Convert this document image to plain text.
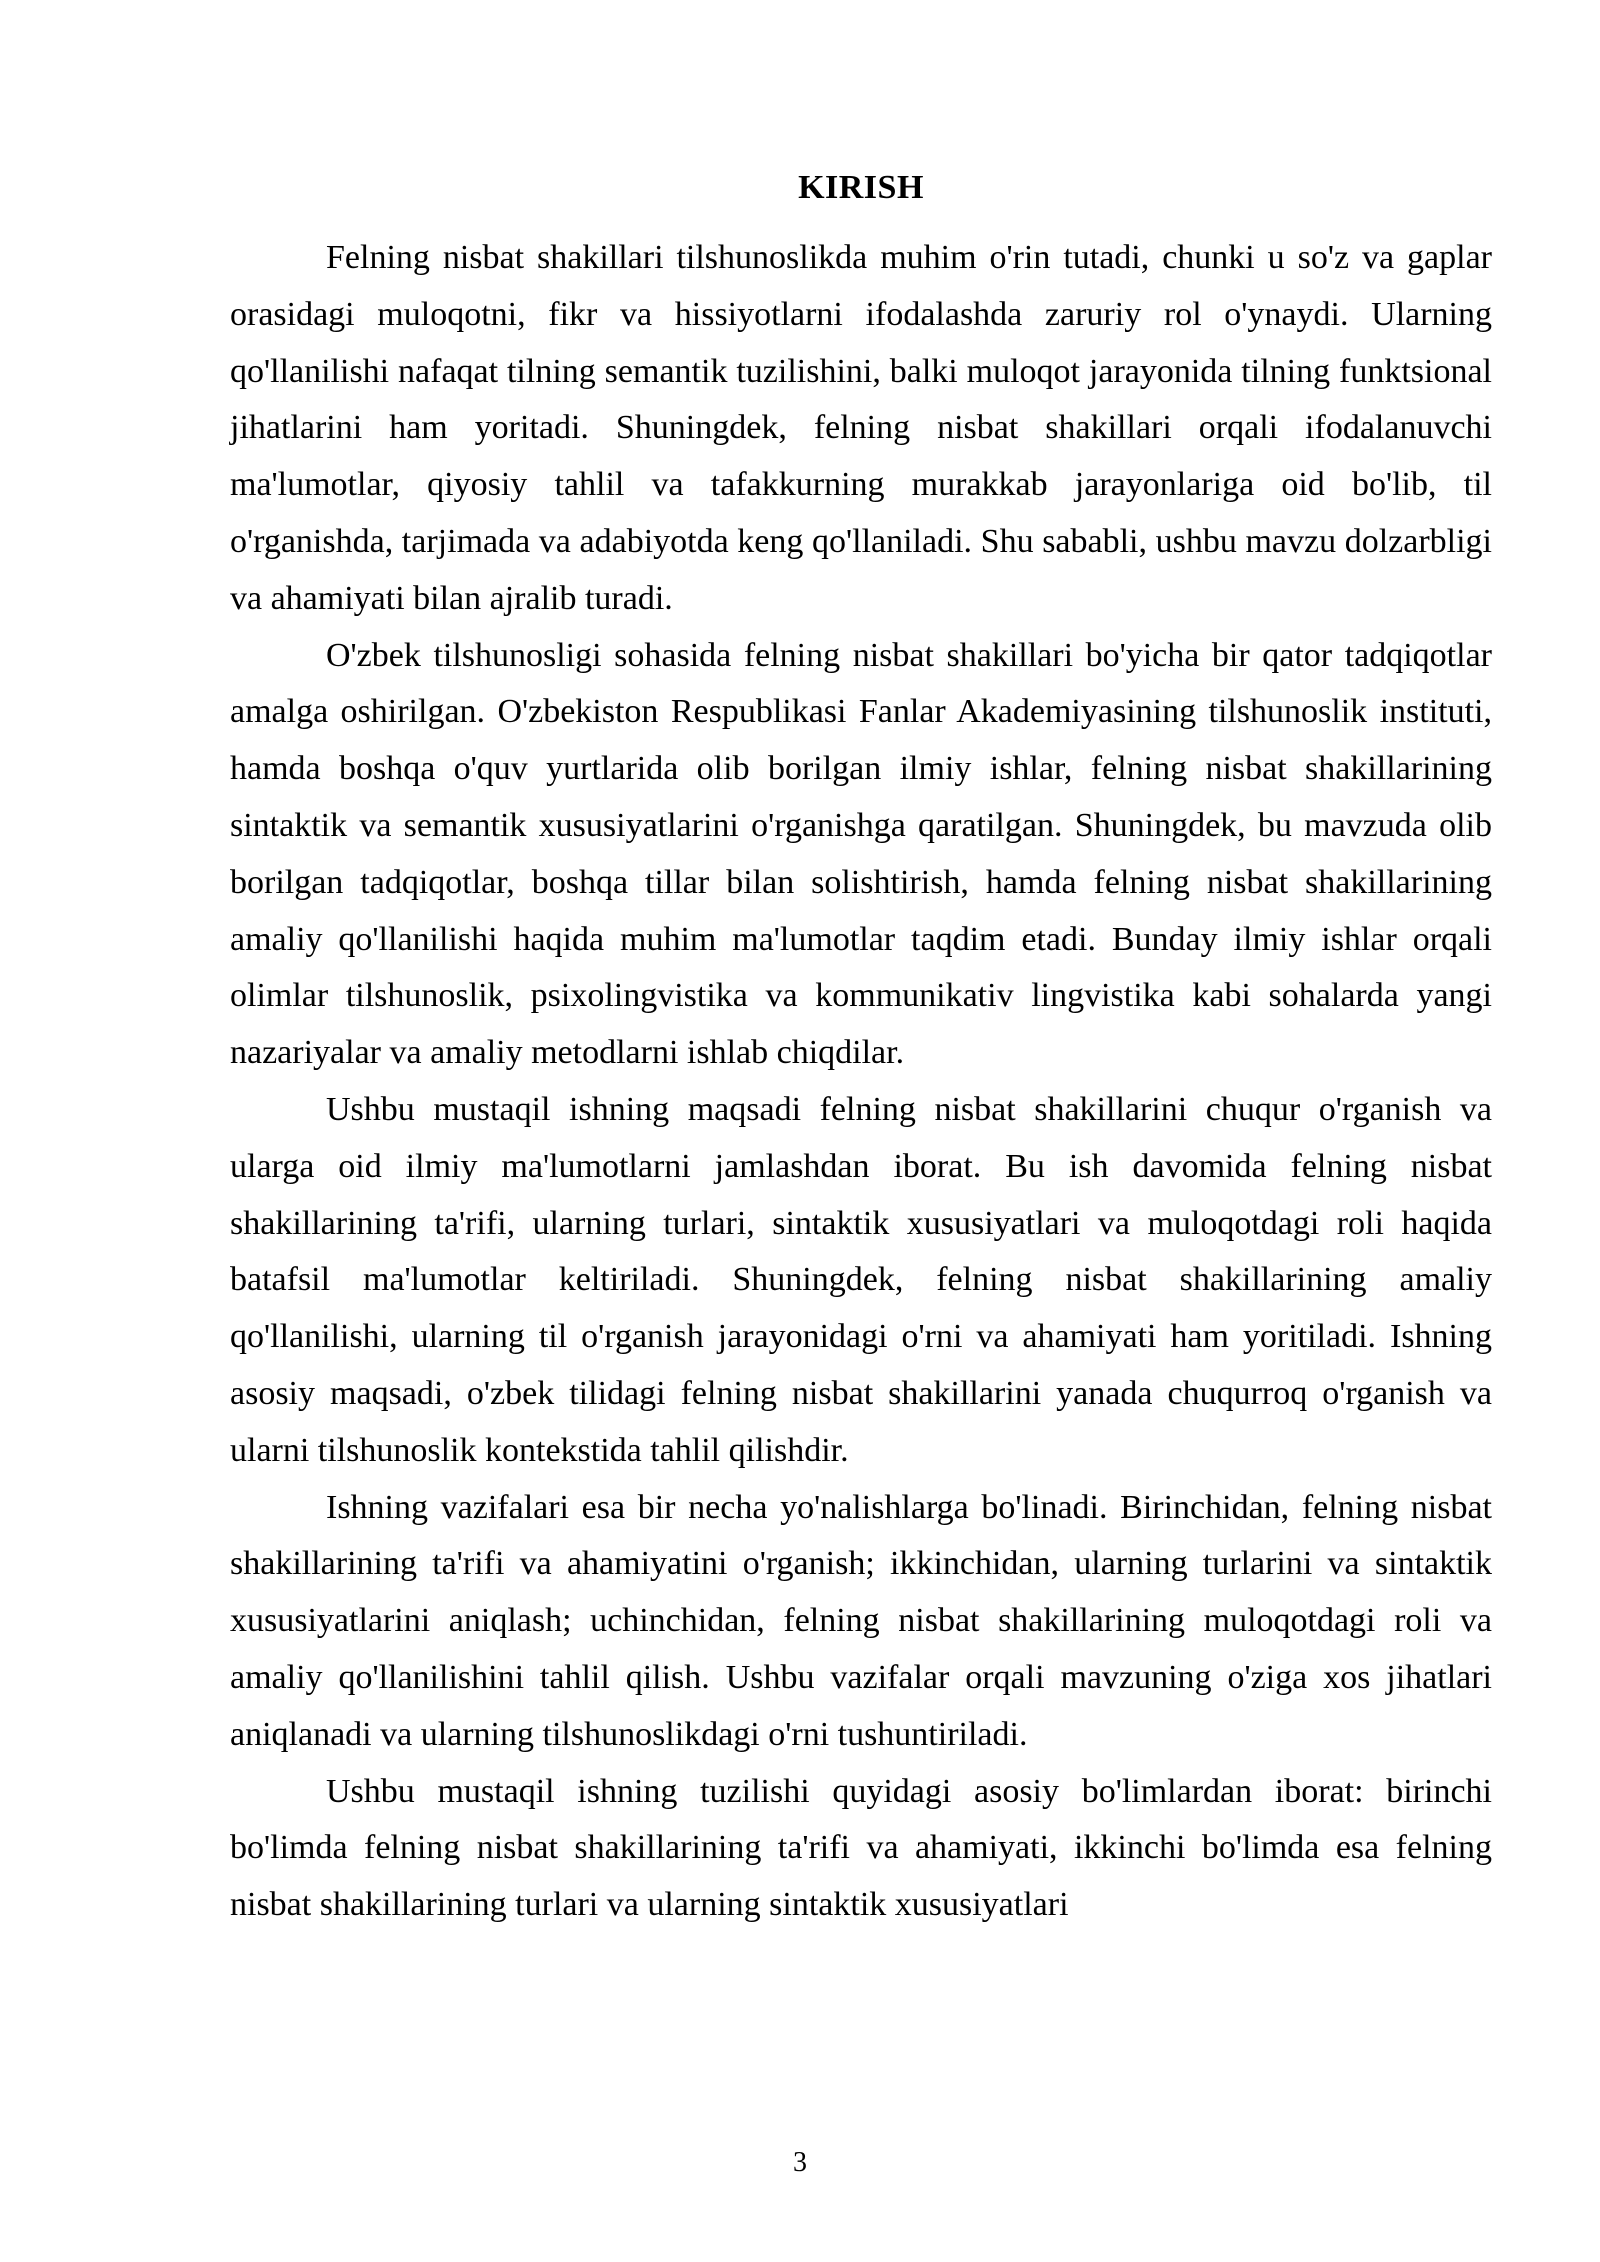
KIRISH

Felning nisbat shakillari tilshunoslikda muhim o'rin tutadi, chunki u so'z va gaplar orasidagi muloqotni, fikr va hissiyotlarni ifodalashda zaruriy rol o'ynaydi. Ularning qo'llanilishi nafaqat tilning semantik tuzilishini, balki muloqot jarayonida tilning funktsional jihatlarini ham yoritadi. Shuningdek, felning nisbat shakillari orqali ifodalanuvchi ma'lumotlar, qiyosiy tahlil va tafakkurning murakkab jarayonlariga oid bo'lib, til o'rganishda, tarjimada va adabiyotda keng qo'llaniladi. Shu sababli, ushbu mavzu dolzarbligi va ahamiyati bilan ajralib turadi.

O'zbek tilshunosligi sohasida felning nisbat shakillari bo'yicha bir qator tadqiqotlar amalga oshirilgan. O'zbekiston Respublikasi Fanlar Akademiyasining tilshunoslik instituti, hamda boshqa o'quv yurtlarida olib borilgan ilmiy ishlar, felning nisbat shakillarining sintaktik va semantik xususiyatlarini o'rganishga qaratilgan. Shuningdek, bu mavzuda olib borilgan tadqiqotlar, boshqa tillar bilan solishtirish, hamda felning nisbat shakillarining amaliy qo'llanilishi haqida muhim ma'lumotlar taqdim etadi. Bunday ilmiy ishlar orqali olimlar tilshunoslik, psixolingvistika va kommunikativ lingvistika kabi sohalarda yangi nazariyalar va amaliy metodlarni ishlab chiqdilar.

Ushbu mustaqil ishning maqsadi felning nisbat shakillarini chuqur o'rganish va ularga oid ilmiy ma'lumotlarni jamlashdan iborat. Bu ish davomida felning nisbat shakillarining ta'rifi, ularning turlari, sintaktik xususiyatlari va muloqotdagi roli haqida batafsil ma'lumotlar keltiriladi. Shuningdek, felning nisbat shakillarining amaliy qo'llanilishi, ularning til o'rganish jarayonidagi o'rni va ahamiyati ham yoritiladi. Ishning asosiy maqsadi, o'zbek tilidagi felning nisbat shakillarini yanada chuqurroq o'rganish va ularni tilshunoslik kontekstida tahlil qilishdir.

Ishning vazifalari esa bir necha yo'nalishlarga bo'linadi. Birinchidan, felning nisbat shakillarining ta'rifi va ahamiyatini o'rganish; ikkinchidan, ularning turlarini va sintaktik xususiyatlarini aniqlash; uchinchidan, felning nisbat shakillarining muloqotdagi roli va amaliy qo'llanilishini tahlil qilish. Ushbu vazifalar orqali mavzuning o'ziga xos jihatlari aniqlanadi va ularning tilshunoslikdagi o'rni tushuntiriladi.

Ushbu mustaqil ishning tuzilishi quyidagi asosiy bo'limlardan iborat: birinchi bo'limda felning nisbat shakillarining ta'rifi va ahamiyati, ikkinchi bo'limda esa felning nisbat shakillarining turlari va ularning sintaktik xususiyatlari

3
